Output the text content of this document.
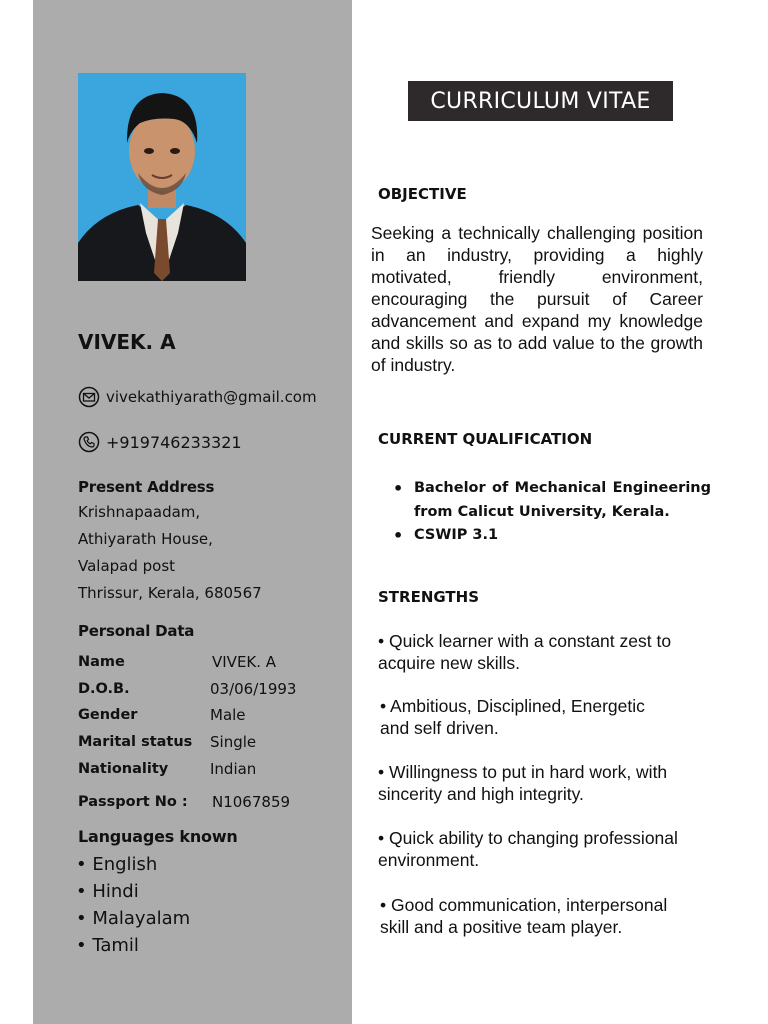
VIVEK. A
vivekathiyarath@gmail.com
+919746233321
Present Address
Krishnapaadam,
Athiyarath House,
Valapad post
Thrissur, Kerala, 680567
Personal Data
Name	VIVEK. A
D.O.B.	03/06/1993
Gender	Male
Marital status Single
Nationality	Indian
Passport No : N1067859
Languages known
• English
• Hindi
• Malayalam
• Tamil
CURRICULUM VITAE
OBJECTIVE
Seeking a technically challenging position in an industry, providing a highly motivated, friendly environment, encouraging the pursuit of Career advancement and expand my knowledge and skills so as to add value to the growth of industry.
CURRENT QUALIFICATION
• Bachelor of Mechanical Engineering from Calicut University, Kerala.
• CSWIP 3.1
STRENGTHS
• Quick learner with a constant zest to acquire new skills.
• Ambitious, Disciplined, Energetic and self driven.
• Willingness to put in hard work, with sincerity and high integrity.
• Quick ability to changing professional environment.
• Good communication, interpersonal skill and a positive team player.
